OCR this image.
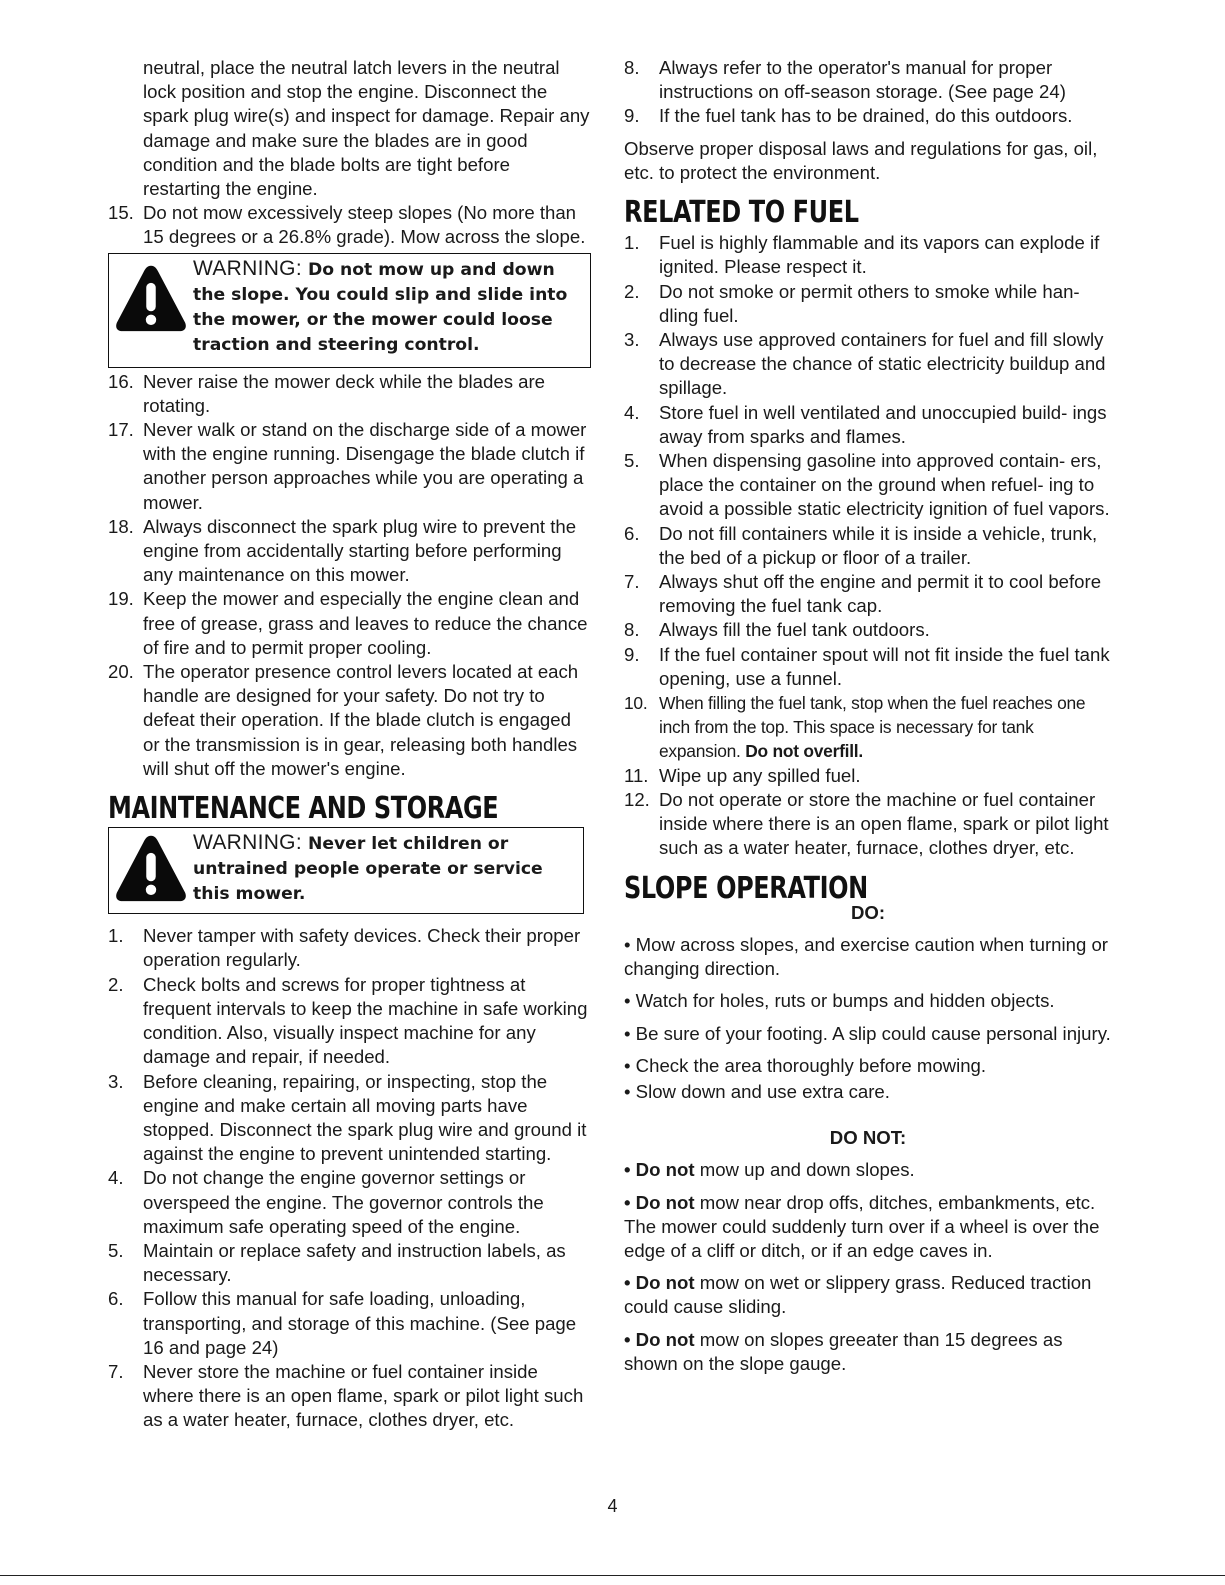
neutral, place the neutral latch levers in the neutral lock position and stop the engine. Disconnect the spark plug wire(s) and inspect for damage. Repair any damage and make sure the blades are in good condition and the blade bolts are tight before restarting the engine.

15. Do not mow excessively steep slopes (No more than 15 degrees or a 26.8% grade). Mow across the slope.
WARNING: Do not mow up and down the slope. You could slip and slide into the mower, or the mower could loose traction and steering control.
16. Never raise the mower deck while the blades are rotating.
17. Never walk or stand on the discharge side of a mower with the engine running. Disengage the blade clutch if another person approaches while you are operating a mower.
18. Always disconnect the spark plug wire to prevent the engine from accidentally starting before performing any maintenance on this mower.
19. Keep the mower and especially the engine clean and free of grease, grass and leaves to reduce the chance of fire and to permit proper cooling.
20. The operator presence control levers located at each handle are designed for your safety. Do not try to defeat their operation. If the blade clutch is engaged or the transmission is in gear, releasing both handles will shut off the mower's engine.
MAINTENANCE AND STORAGE
WARNING: Never let children or untrained people operate or service this mower.
1. Never tamper with safety devices. Check their proper operation regularly.
2. Check bolts and screws for proper tightness at frequent intervals to keep the machine in safe working condition. Also, visually inspect machine for any damage and repair, if needed.
3. Before cleaning, repairing, or inspecting, stop the engine and make certain all moving parts have stopped. Disconnect the spark plug wire and ground it against the engine to prevent unintended starting.
4. Do not change the engine governor settings or overspeed the engine. The governor controls the maximum safe operating speed of the engine.
5. Maintain or replace safety and instruction labels, as necessary.
6. Follow this manual for safe loading, unloading, transporting, and storage of this machine. (See page 16 and page 24)
7. Never store the machine or fuel container inside where there is an open flame, spark or pilot light such as a water heater, furnace, clothes dryer, etc.
8. Always refer to the operator's manual for proper instructions on off-season storage. (See page 24)
9. If the fuel tank has to be drained, do this outdoors.

Observe proper disposal laws and regulations for gas, oil, etc. to protect the environment.

RELATED TO FUEL
1. Fuel is highly flammable and its vapors can explode if ignited. Please respect it.
2. Do not smoke or permit others to smoke while han- dling fuel.
3. Always use approved containers for fuel and fill slowly to decrease the chance of static electricity buildup and spillage.
4. Store fuel in well ventilated and unoccupied build- ings away from sparks and flames.
5. When dispensing gasoline into approved contain- ers, place the container on the ground when refuel- ing to avoid a possible static electricity ignition of fuel vapors.
6. Do not fill containers while it is inside a vehicle, trunk, the bed of a pickup or floor of a trailer.
7. Always shut off the engine and permit it to cool before removing the fuel tank cap.
8. Always fill the fuel tank outdoors.
9. If the fuel container spout will not fit inside the fuel tank opening, use a funnel.
10. When filling the fuel tank, stop when the fuel reaches one inch from the top. This space is necessary for tank expansion. Do not overfill.
11. Wipe up any spilled fuel.
12. Do not operate or store the machine or fuel container inside where there is an open flame, spark or pilot light such as a water heater, furnace, clothes dryer, etc.
SLOPE OPERATION

DO:

• Mow across slopes, and exercise caution when turning or changing direction.

• Watch for holes, ruts or bumps and hidden objects.

• Be sure of your footing. A slip could cause personal injury.

• Check the area thoroughly before mowing.

• Slow down and use extra care.

DO NOT:

• Do not mow up and down slopes.

• Do not mow near drop offs, ditches, embankments, etc. The mower could suddenly turn over if a wheel is over the edge of a cliff or ditch, or if an edge caves in.

• Do not mow on wet or slippery grass. Reduced traction could cause sliding.

• Do not mow on slopes greeater than 15 degrees as shown on the slope gauge.

4
